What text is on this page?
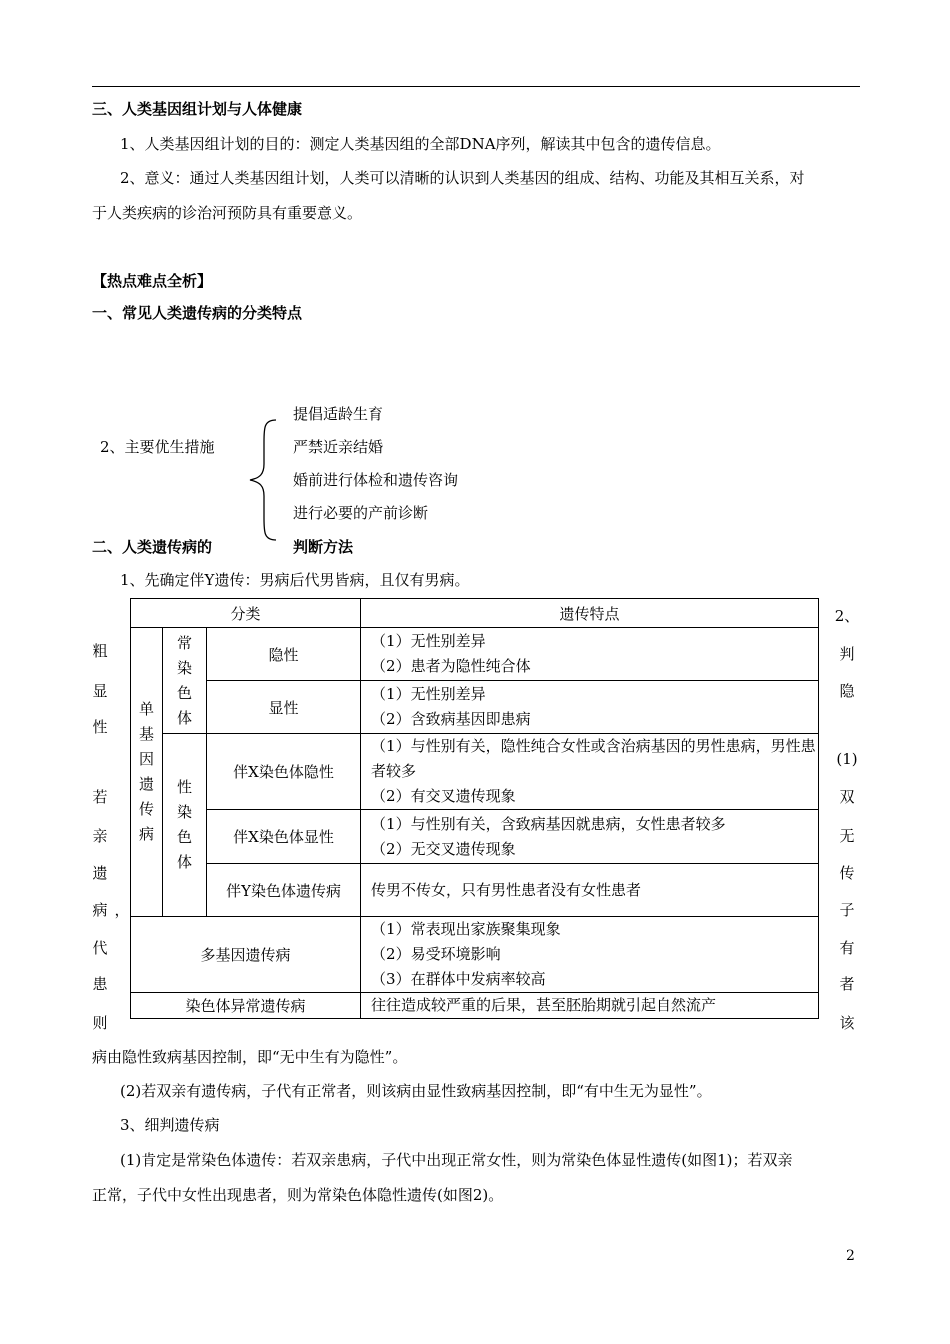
三、人类基因组计划与人体健康
1、人类基因组计划的目的：测定人类基因组的全部DNA序列，解读其中包含的遗传信息。
2、意义：通过人类基因组计划，人类可以清晰的认识到人类基因的组成、结构、功能及其相互关系，对
于人类疾病的诊治河预防具有重要意义。
【热点难点全析】
一、常见人类遗传病的分类特点
2、主要优生措施
提倡适龄生育
严禁近亲结婚
婚前进行体检和遗传咨询
进行必要的产前诊断
二、人类遗传病的	判断方法
1、先确定伴Y遗传：男病后代男皆病，且仅有男病。
分类			遗传特点

单基因遗传病	常染色体	隐性	（1）无性别差异
（2）患者为隐性纯合体

		显性	（1）无性别差异
（2）含致病基因即患病

	性染色体	伴X染色体隐性	（1）与性别有关，隐性纯合女性或含治病基因的男性患病，男性患者较多
（2）有交叉遗传现象

		伴X染色体显性	（1）与性别有关，含致病基因就患病，女性患者较多
（2）无交叉遗传现象

		伴Y染色体遗传病	传男不传女，只有男性患者没有女性患者

多基因遗传病			（1）常表现出家族聚集现象
（2）易受环境影响
（3）在群体中发病率较高

染色体异常遗传病			往往造成较严重的后果，甚至胚胎期就引起自然流产
粗
显
性
若
亲
遗
病 ，
代
患
则
2、
判
隐
(1)
双
无
传
子
有
者
该
病由隐性致病基因控制，即“无中生有为隐性”。
(2)若双亲有遗传病，子代有正常者，则该病由显性致病基因控制，即“有中生无为显性”。
3、细判遗传病
(1)肯定是常染色体遗传：若双亲患病，子代中出现正常女性，则为常染色体显性遗传(如图1)；若双亲
正常，子代中女性出现患者，则为常染色体隐性遗传(如图2)。
2
